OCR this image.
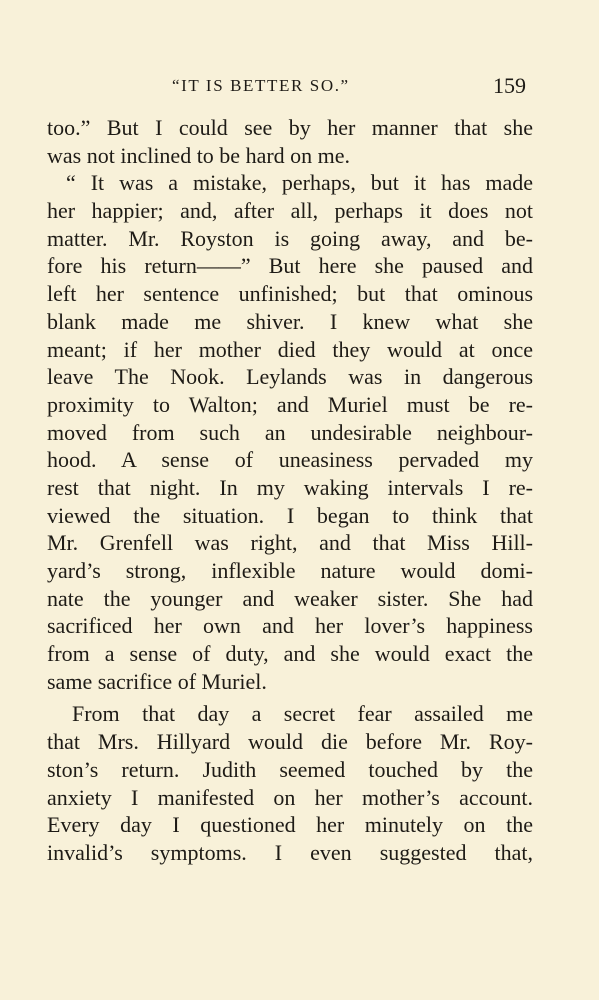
“IT IS BETTER SO.”	159
too.” But I could see by her manner that she
was not inclined to be hard on me.
“ It was a mistake, perhaps, but it has made
her happier; and, after all, perhaps it does not
matter. Mr. Royston is going away, and be-
fore his return——” But here she paused and
left her sentence unfinished; but that ominous
blank made me shiver. I knew what she
meant; if her mother died they would at once
leave The Nook. Leylands was in dangerous
proximity to Walton; and Muriel must be re-
moved from such an undesirable neighbour-
hood. A sense of uneasiness pervaded my
rest that night. In my waking intervals I re-
viewed the situation. I began to think that
Mr. Grenfell was right, and that Miss Hill-
yard’s strong, inflexible nature would domi-
nate the younger and weaker sister. She had
sacrificed her own and her lover’s happiness
from a sense of duty, and she would exact the
same sacrifice of Muriel.
From that day a secret fear assailed me
that Mrs. Hillyard would die before Mr. Roy-
ston’s return. Judith seemed touched by the
anxiety I manifested on her mother’s account.
Every day I questioned her minutely on the
invalid’s symptoms. I even suggested that,
